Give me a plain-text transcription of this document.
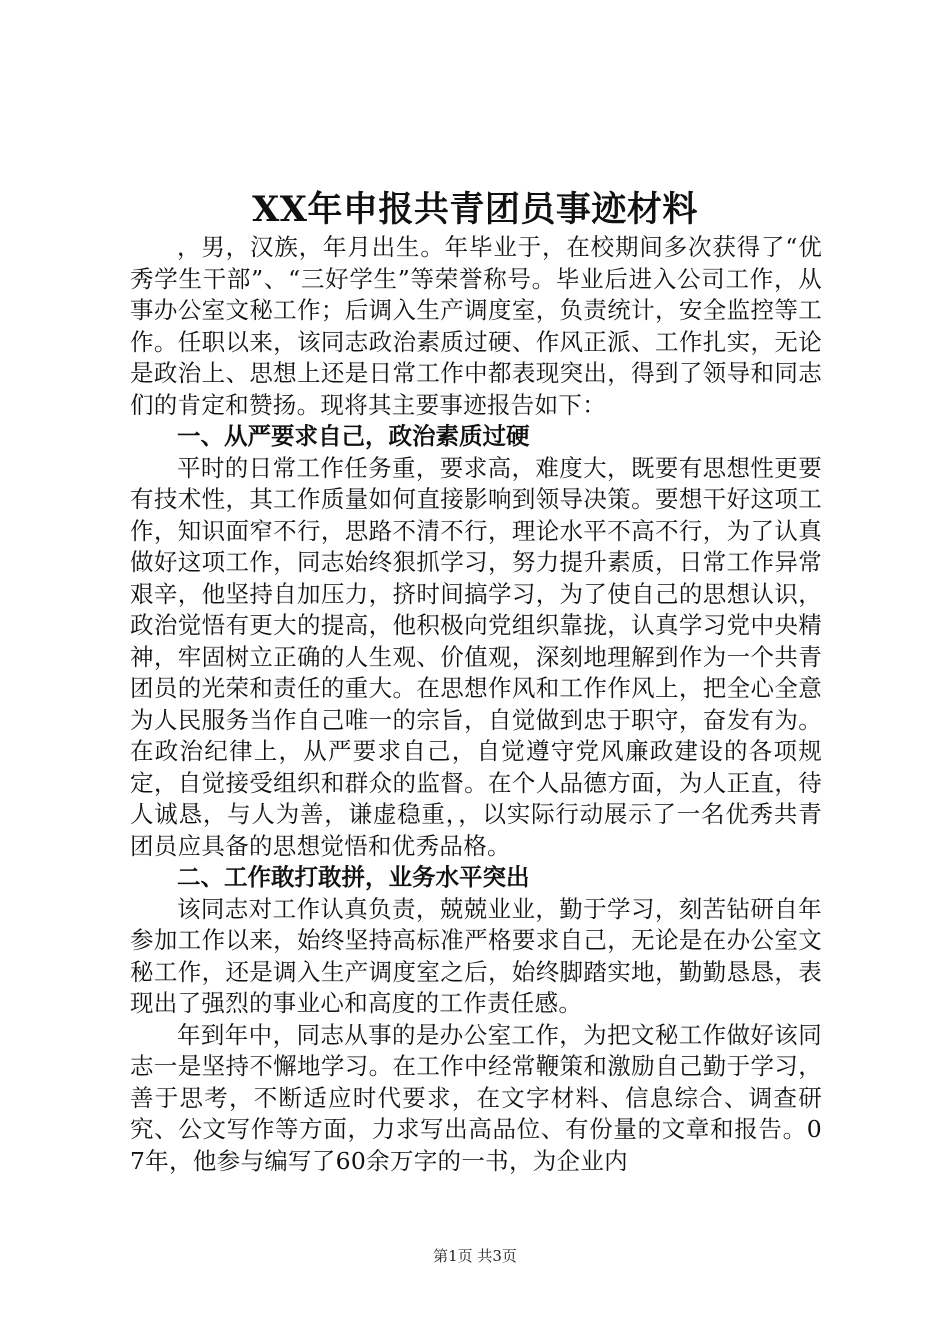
XX年申报共青团员事迹材料

，男，汉族，年月出生。年毕业于，在校期间多次获得了“优秀学生干部”、“三好学生”等荣誉称号。毕业后进入公司工作，从事办公室文秘工作；后调入生产调度室，负责统计，安全监控等工作。任职以来，该同志政治素质过硬、作风正派、工作扎实，无论是政治上、思想上还是日常工作中都表现突出，得到了领导和同志们的肯定和赞扬。现将其主要事迹报告如下：

一、从严要求自己，政治素质过硬

平时的日常工作任务重，要求高，难度大，既要有思想性更要有技术性，其工作质量如何直接影响到领导决策。要想干好这项工作，知识面窄不行，思路不清不行，理论水平不高不行，为了认真做好这项工作，同志始终狠抓学习，努力提升素质，日常工作异常艰辛，他坚持自加压力，挤时间搞学习，为了使自己的思想认识，政治觉悟有更大的提高，他积极向党组织靠拢，认真学习党中央精神，牢固树立正确的人生观、价值观，深刻地理解到作为一个共青团员的光荣和责任的重大。在思想作风和工作作风上，把全心全意为人民服务当作自己唯一的宗旨，自觉做到忠于职守，奋发有为。在政治纪律上，从严要求自己，自觉遵守党风廉政建设的各项规定，自觉接受组织和群众的监督。在个人品德方面，为人正直，待人诚恳，与人为善，谦虚稳重，，以实际行动展示了一名优秀共青团员应具备的思想觉悟和优秀品格。

二、工作敢打敢拼，业务水平突出

该同志对工作认真负责，兢兢业业，勤于学习，刻苦钻研自年参加工作以来，始终坚持高标准严格要求自己，无论是在办公室文秘工作，还是调入生产调度室之后，始终脚踏实地，勤勤恳恳，表现出了强烈的事业心和高度的工作责任感。

年到年中，同志从事的是办公室工作，为把文秘工作做好该同志一是坚持不懈地学习。在工作中经常鞭策和激励自己勤于学习，善于思考，不断适应时代要求，在文字材料、信息综合、调查研究、公文写作等方面，力求写出高品位、有份量的文章和报告。07年，他参与编写了60余万字的一书，为企业内

第1页 共3页
